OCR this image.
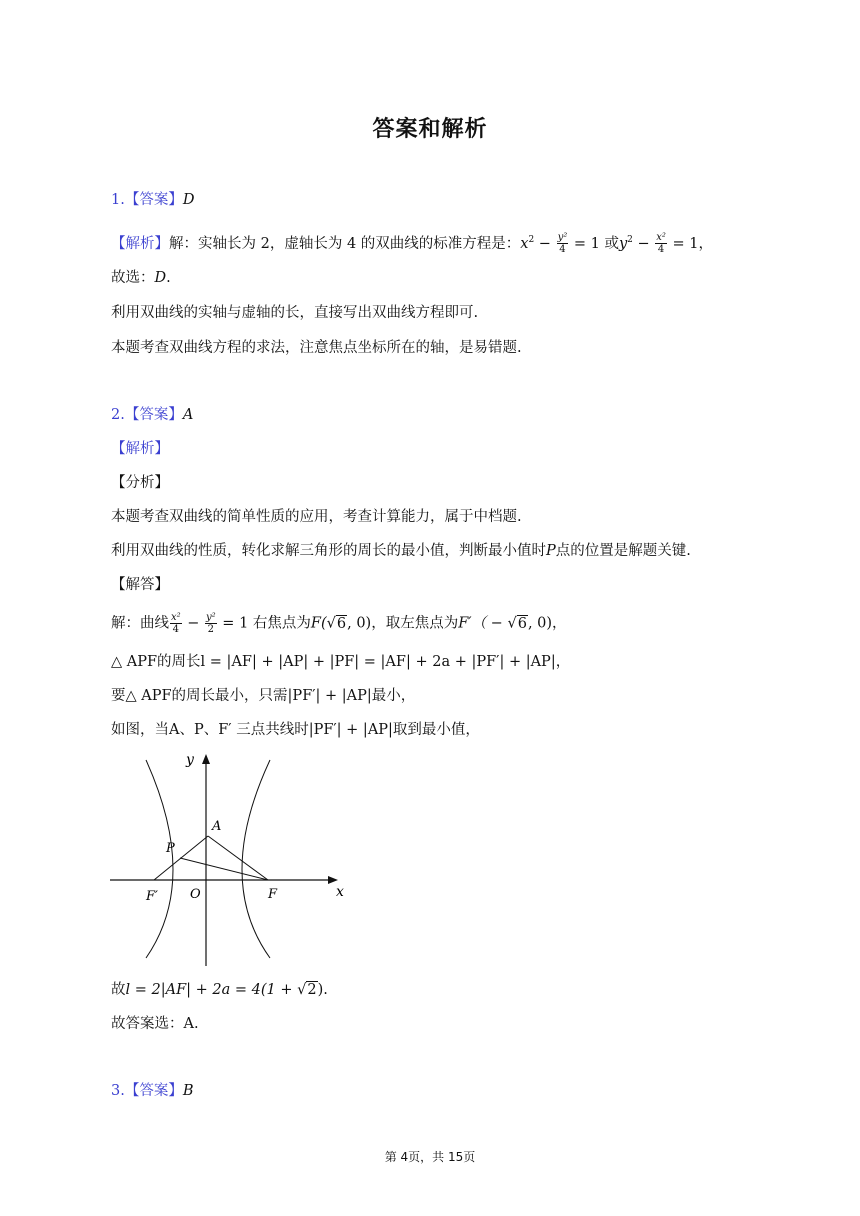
答案和解析
1.【答案】D
【解析】解：实轴长为 2，虚轴长为 4 的双曲线的标准方程是：$x^2 - \frac{\text{y²}}{4} = 1$ 或$y^2 - \frac{\text{x²}}{4} = 1$，
故选：D.
利用双曲线的实轴与虚轴的长，直接写出双曲线方程即可.
本题考查双曲线方程的求法，注意焦点坐标所在的轴，是易错题.
2.【答案】A
【解析】
【分析】
本题考查双曲线的简单性质的应用，考查计算能力，属于中档题.
利用双曲线的性质，转化求解三角形的周长的最小值，判断最小值时P点的位置是解题关键.
【解答】
解：曲线 $\frac{\text{x²}}{4} - \frac{\text{y²}}{2} = 1$ 右焦点为F(√6, 0)，取左焦点为F′（ − √6, 0)，
△ APF的周长l = |AF| + |AP| + |PF| = |AF| + 2a + |PF′| + |AP|，
要△ APF的周长最小，只需|PF′| + |AP|最小，
如图，当A、P、F′ 三点共线时|PF′| + |AP|取到最小值，
y
x
A
P
O	F
F′
故l = 2|AF| + 2a = 4(1 + √2).
故答案选：A.
3.【答案】B
第 4页，共 15页
